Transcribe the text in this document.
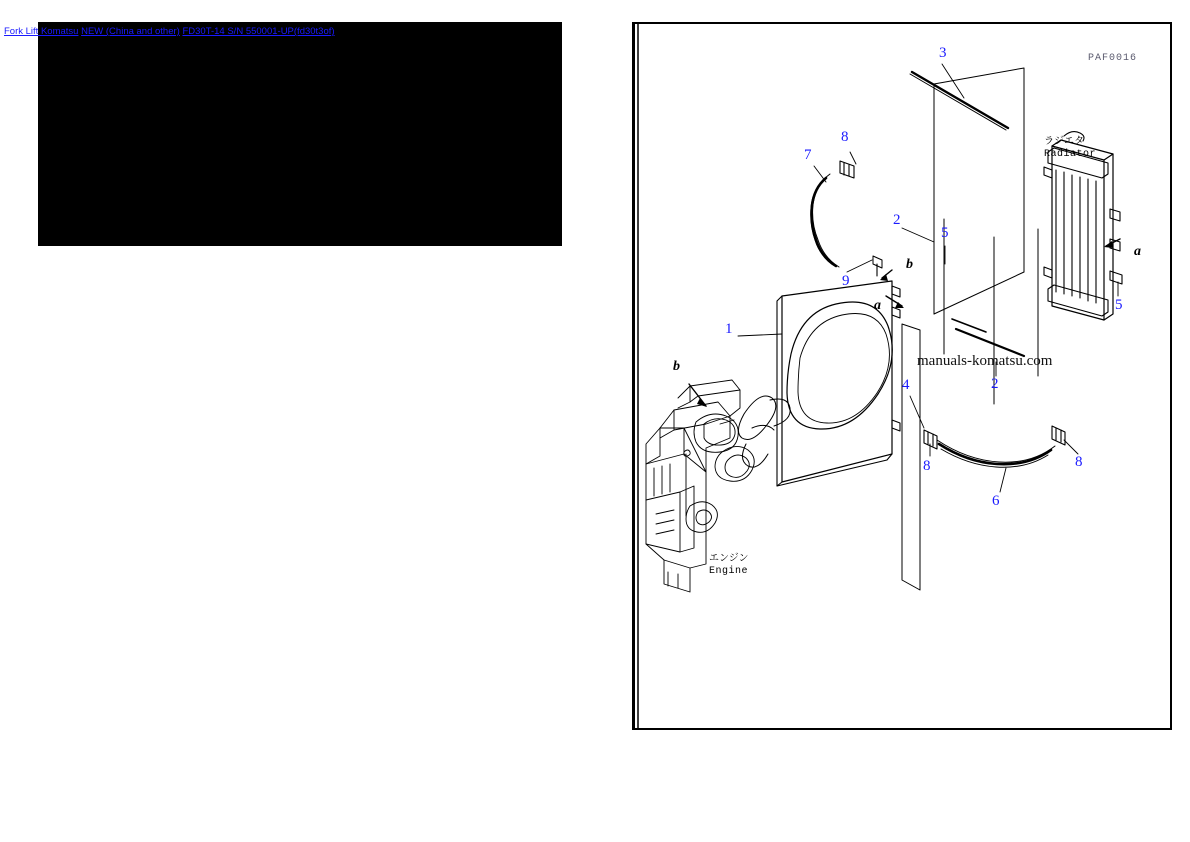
Fork Lift Komatsu NEW (China and other) FD30T-14 S/N 550001-UP(fd30t3of)
PAF0016
ラジエタ
Radiator
エンジン
Engine
3
8
7
2
5
a
b
9
5
a
1
b
4	2
8	8
6
manuals-komatsu.com
